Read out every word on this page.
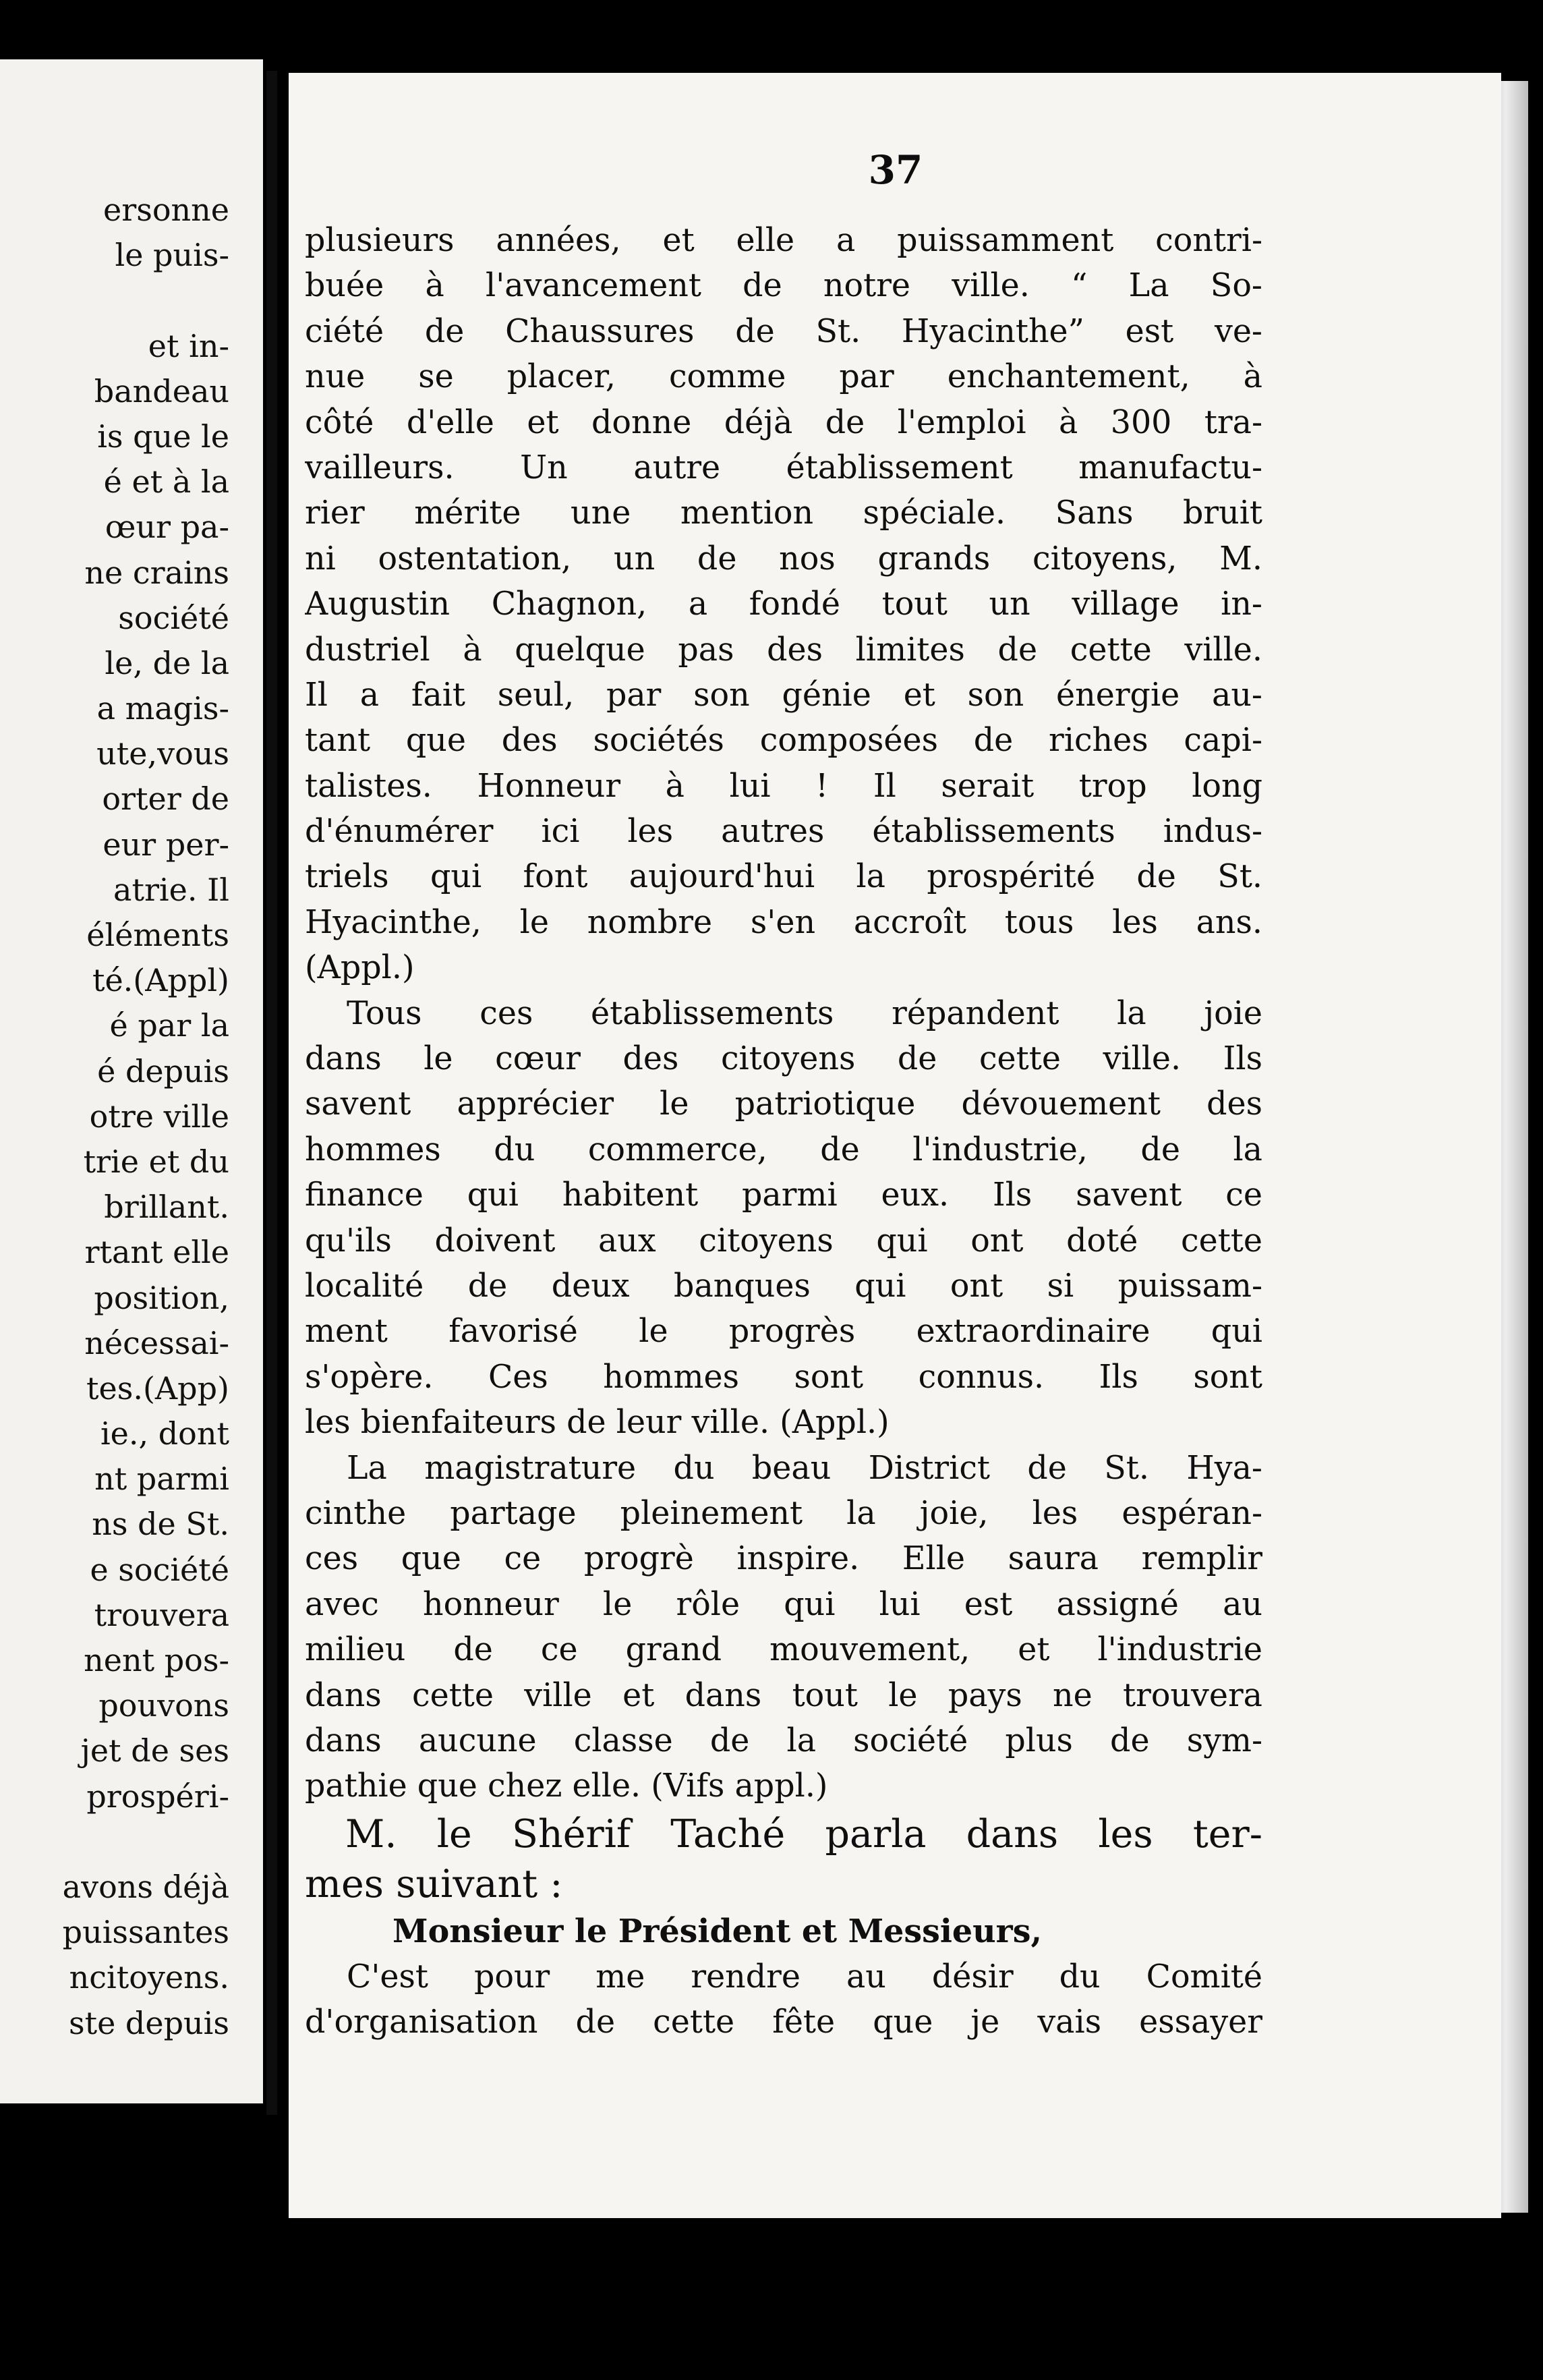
ersonne
le puis-
et in-
bandeau
is que le
é et à la
œur pa-
ne crains
société
le, de la
a magis-
ute,vous
orter de
eur per-
atrie. Il
éléments
té.(Appl)
é par la
é depuis
otre ville
trie et du
brillant.
rtant elle
position,
nécessai-
tes.(App)
ie., dont
nt parmi
ns de St.
e société
trouvera
nent pos-
pouvons
jet de ses
prospéri-
avons déjà
puissantes
ncitoyens.
ste depuis
37
plusieurs années, et elle a puissamment contri-
buée à l'avancement de notre ville. “ La So-
ciété de Chaussures de St. Hyacinthe” est ve-
nue se placer, comme par enchantement, à
côté d'elle et donne déjà de l'emploi à 300 tra-
vailleurs. Un autre établissement manufactu-
rier mérite une mention spéciale. Sans bruit
ni ostentation, un de nos grands citoyens, M.
Augustin Chagnon, a fondé tout un village in-
dustriel à quelque pas des limites de cette ville.
Il a fait seul, par son génie et son énergie au-
tant que des sociétés composées de riches capi-
talistes. Honneur à lui ! Il serait trop long
d'énumérer ici les autres établissements indus-
triels qui font aujourd'hui la prospérité de St.
Hyacinthe, le nombre s'en accroît tous les ans.
(Appl.)
Tous ces établissements répandent la joie
dans le cœur des citoyens de cette ville. Ils
savent apprécier le patriotique dévouement des
hommes du commerce, de l'industrie, de la
finance qui habitent parmi eux. Ils savent ce
qu'ils doivent aux citoyens qui ont doté cette
localité de deux banques qui ont si puissam-
ment favorisé le progrès extraordinaire qui
s'opère. Ces hommes sont connus. Ils sont
les bienfaiteurs de leur ville. (Appl.)
La magistrature du beau District de St. Hya-
cinthe partage pleinement la joie, les espéran-
ces que ce progrè inspire. Elle saura remplir
avec honneur le rôle qui lui est assigné au
milieu de ce grand mouvement, et l'industrie
dans cette ville et dans tout le pays ne trouvera
dans aucune classe de la société plus de sym-
pathie que chez elle. (Vifs appl.)
M. le Shérif Taché parla dans les ter-
mes suivant :
Monsieur le Président et Messieurs,
C'est pour me rendre au désir du Comité
d'organisation de cette fête que je vais essayer
